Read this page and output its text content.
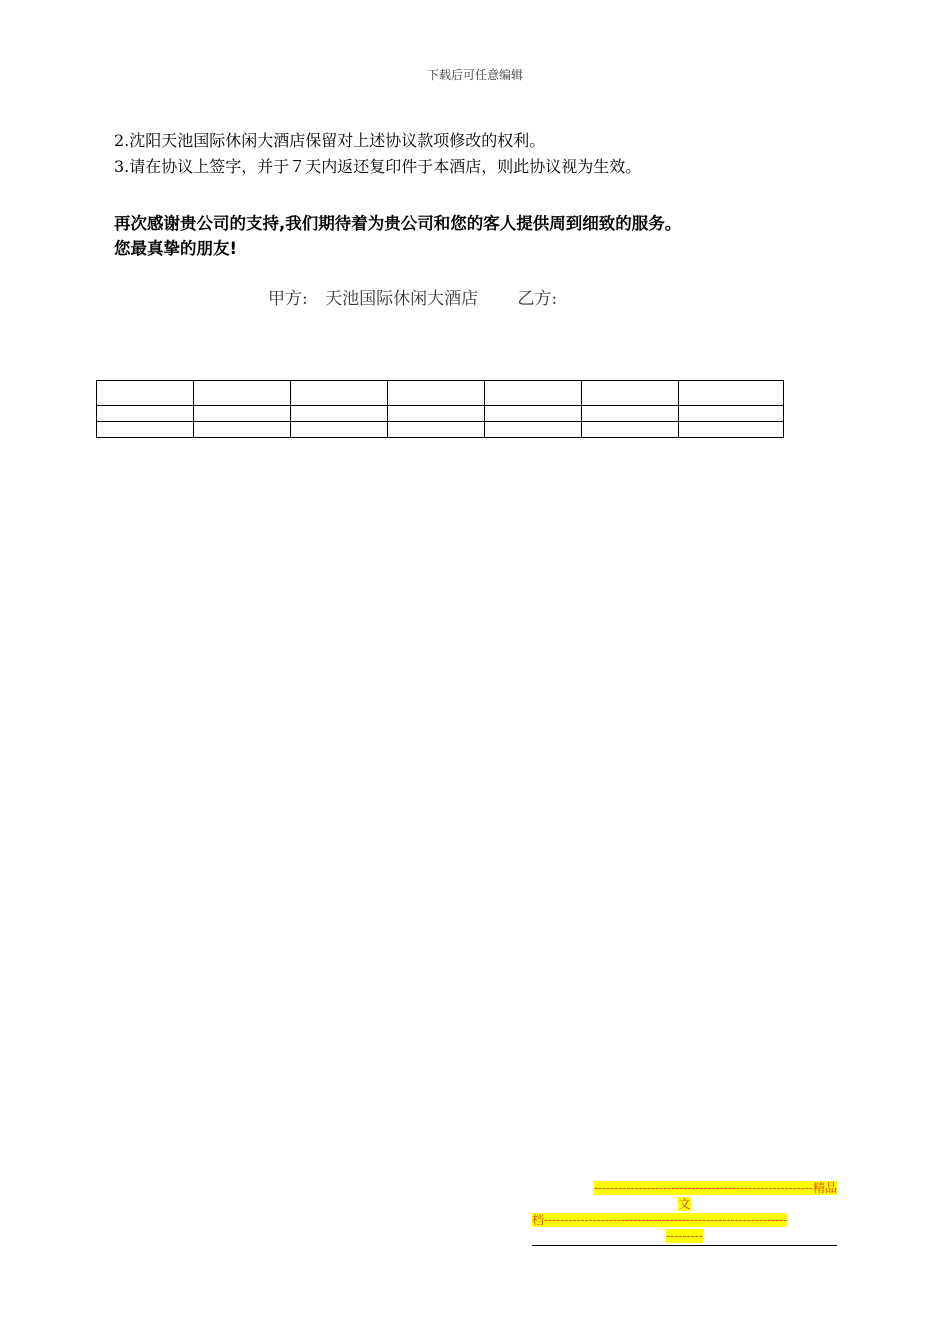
下载后可任意编辑
2.沈阳天池国际休闲大酒店保留对上述协议款项修改的权利。
3.请在协议上签字，并于７天内返还复印件于本酒店，则此协议视为生效。
再次感谢贵公司的支持,我们期待着为贵公司和您的客人提供周到细致的服务。
您最真挚的朋友!
甲方: 天池国际休闲大酒店 乙方:

------------------------------------------------------精品
文
档------------------------------------------------------------
---------
